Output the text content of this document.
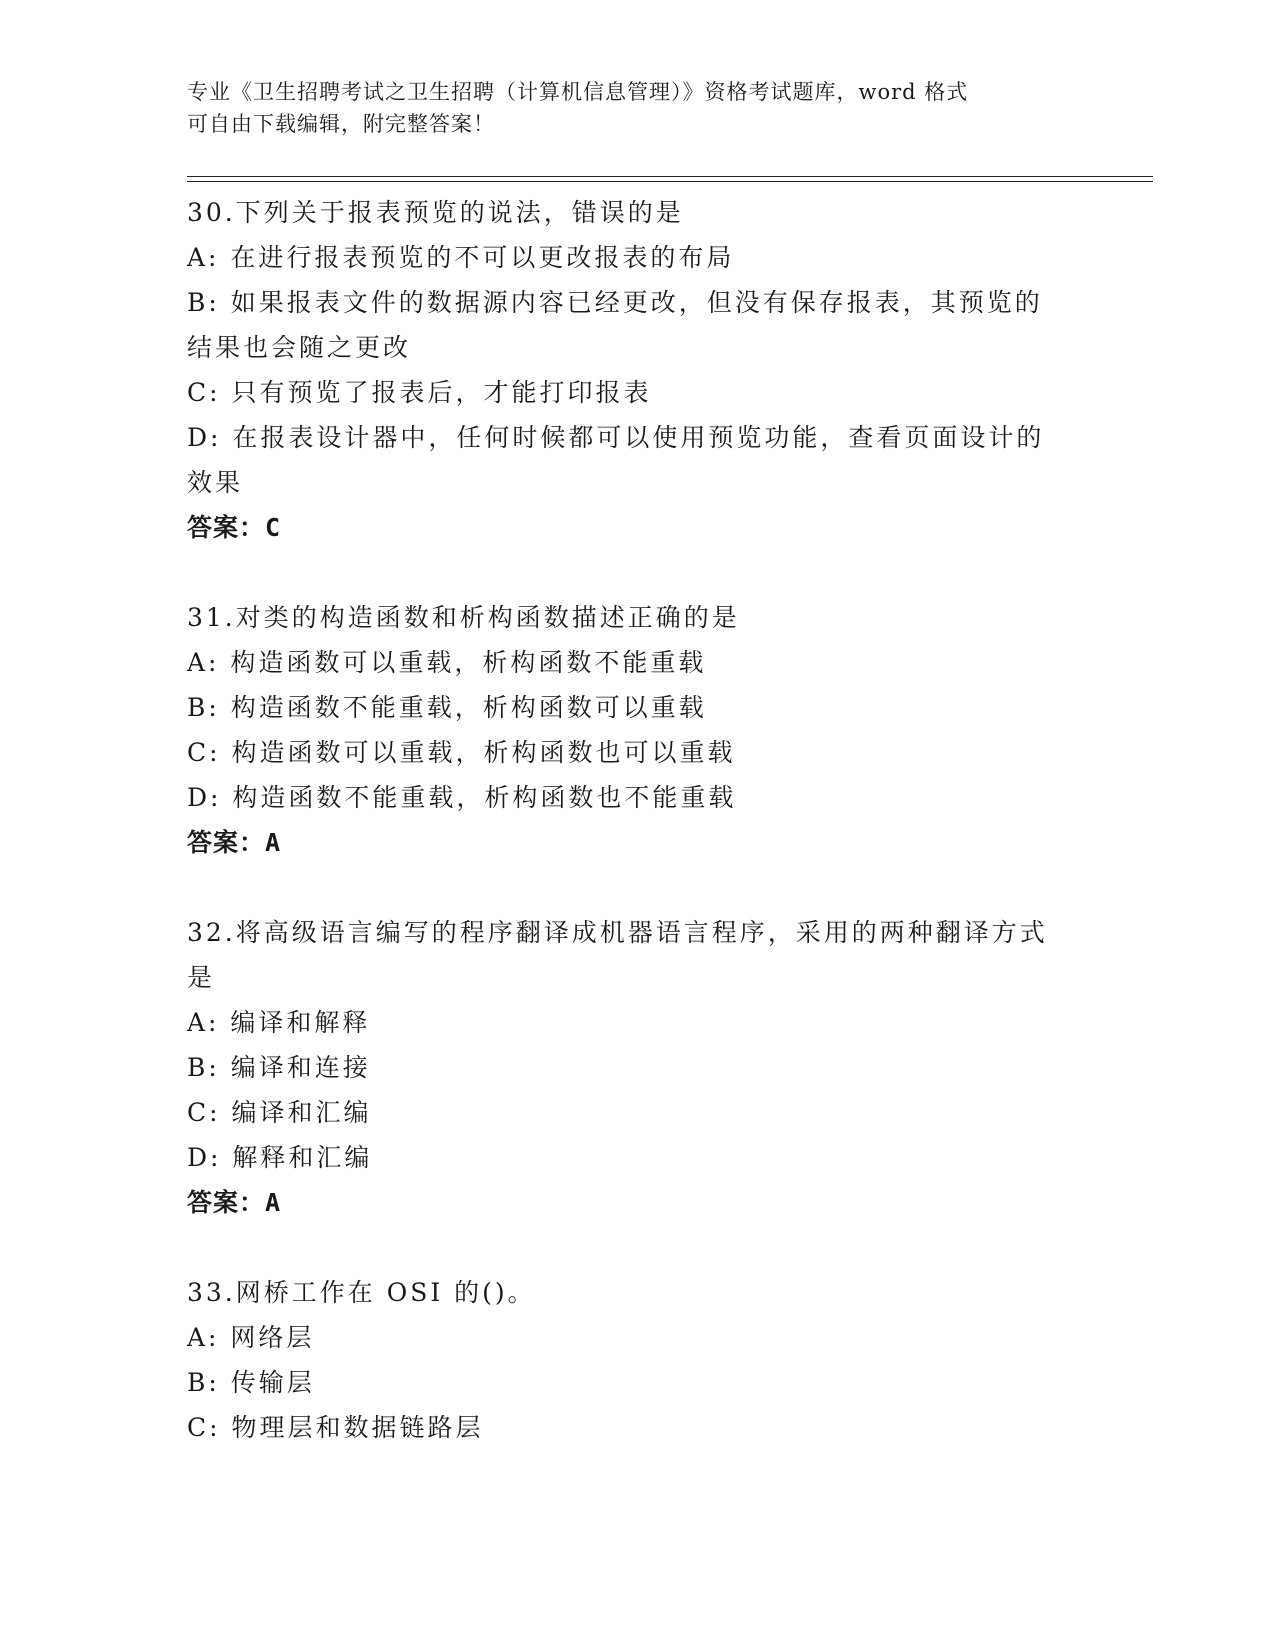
专业《卫生招聘考试之卫生招聘（计算机信息管理）》资格考试题库，word 格式
可自由下载编辑，附完整答案！
30.下列关于报表预览的说法，错误的是
A: 在进行报表预览的不可以更改报表的布局
B: 如果报表文件的数据源内容已经更改，但没有保存报表，其预览的
结果也会随之更改
C: 只有预览了报表后，才能打印报表
D: 在报表设计器中，任何时候都可以使用预览功能，查看页面设计的
效果
答案：C
31.对类的构造函数和析构函数描述正确的是
A: 构造函数可以重载，析构函数不能重载
B: 构造函数不能重载，析构函数可以重载
C: 构造函数可以重载，析构函数也可以重载
D: 构造函数不能重载，析构函数也不能重载
答案：A
32.将高级语言编写的程序翻译成机器语言程序，采用的两种翻译方式
是
A: 编译和解释
B: 编译和连接
C: 编译和汇编
D: 解释和汇编
答案：A
33.网桥工作在 OSI 的()。
A: 网络层
B: 传输层
C: 物理层和数据链路层
